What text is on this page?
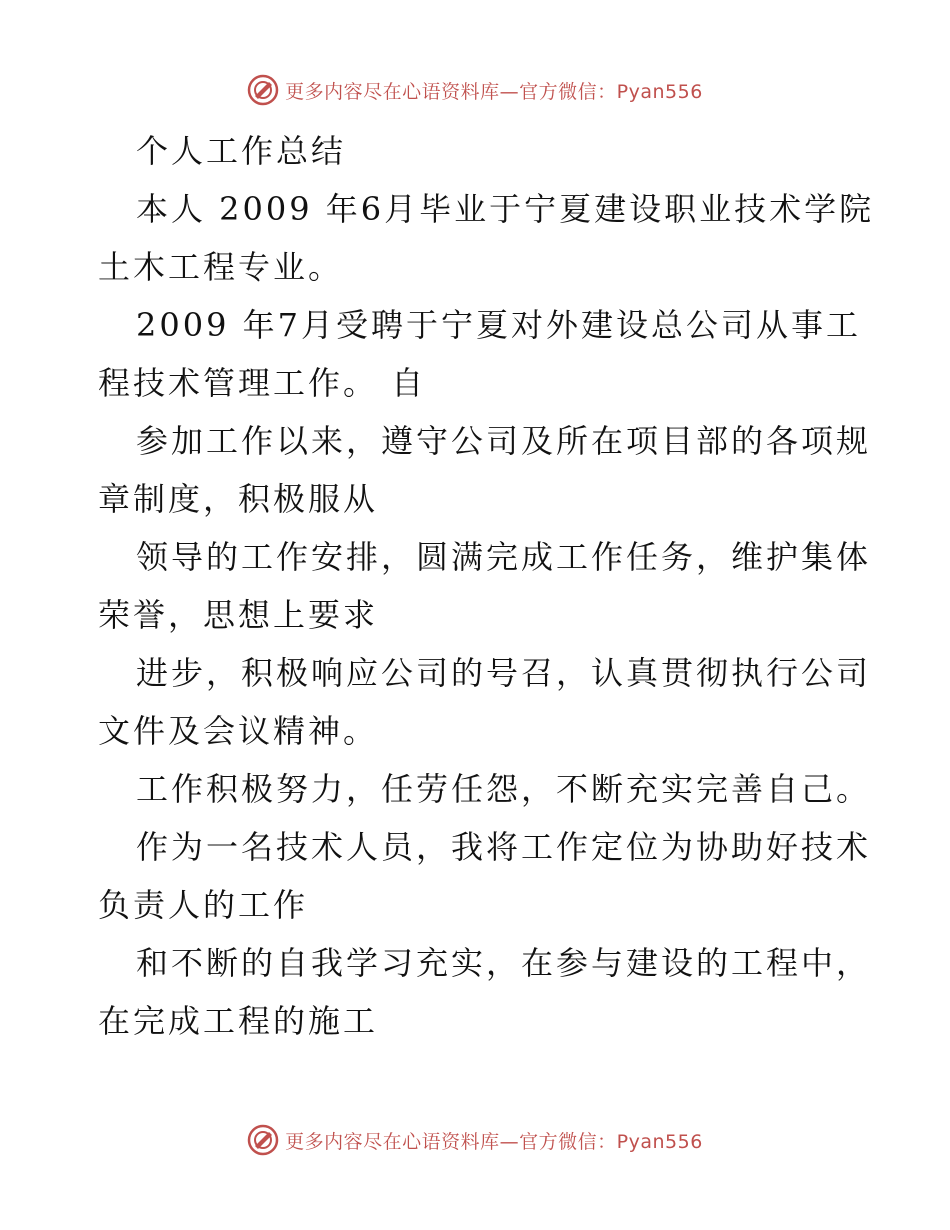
更多内容尽在心语资料库—官方微信：Pyan556
个人工作总结
本人 2009 年6月毕业于宁夏建设职业技术学院
土木工程专业。
2009 年7月受聘于宁夏对外建设总公司从事工
程技术管理工作。 自
参加工作以来，遵守公司及所在项目部的各项规
章制度，积极服从
领导的工作安排，圆满完成工作任务，维护集体
荣誉，思想上要求
进步，积极响应公司的号召，认真贯彻执行公司
文件及会议精神。
工作积极努力，任劳任怨，不断充实完善自己。
作为一名技术人员，我将工作定位为协助好技术
负责人的工作
和不断的自我学习充实，在参与建设的工程中，
在完成工程的施工
更多内容尽在心语资料库—官方微信：Pyan556
